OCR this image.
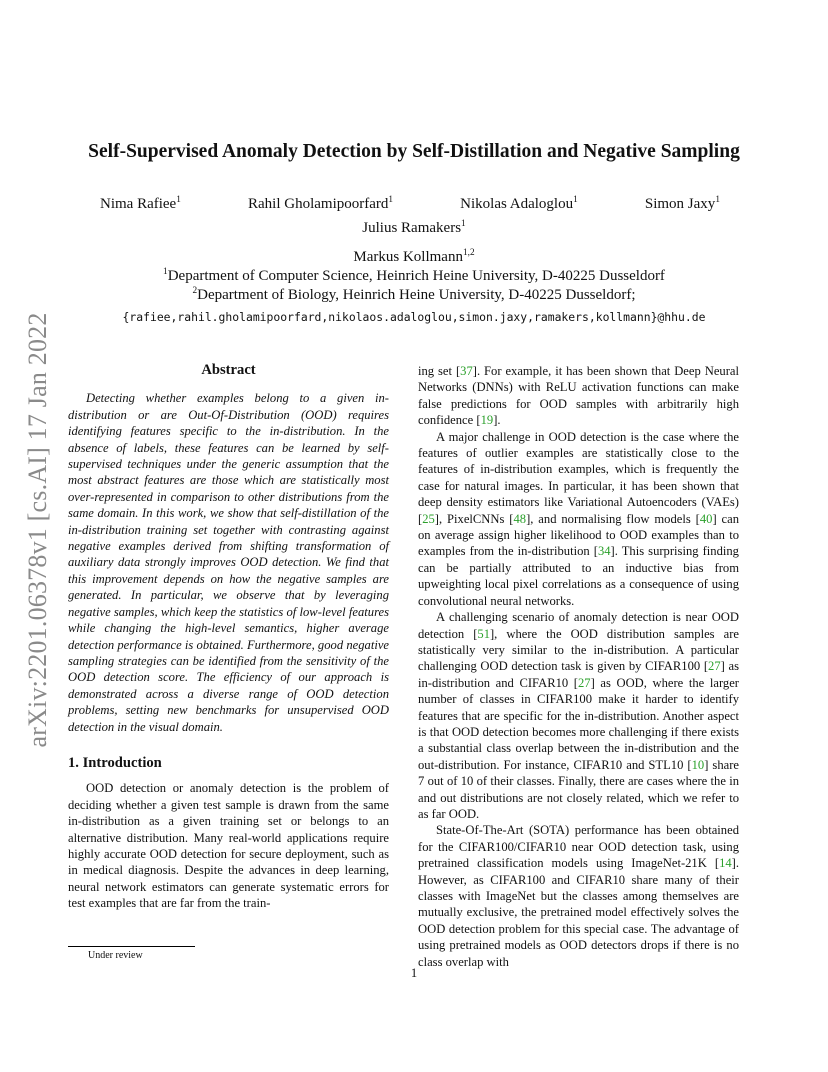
arXiv:2201.06378v1 [cs.AI] 17 Jan 2022
Self-Supervised Anomaly Detection by Self-Distillation and Negative Sampling
Nima Rafiee$^1$	Rahil Gholamipoorfard$^1$	Nikolas Adaloglou$^1$	Simon Jaxy$^1$
Julius Ramakers$^1$
Markus Kollmann$^{1,2}$
$^1$Department of Computer Science, Heinrich Heine University, D-40225 Dusseldorf
$^2$Department of Biology, Heinrich Heine University, D-40225 Dusseldorf;
{rafiee,rahil.gholamipoorfard,nikolaos.adaloglou,simon.jaxy,ramakers,kollmann}@hhu.de
Abstract

Detecting whether examples belong to a given in-distribution or are Out-Of-Distribution (OOD) requires identifying features specific to the in-distribution. In the absence of labels, these features can be learned by self-supervised techniques under the generic assumption that the most abstract features are those which are statistically most over-represented in comparison to other distributions from the same domain. In this work, we show that self-distillation of the in-distribution training set together with contrasting against negative examples derived from shifting transformation of auxiliary data strongly improves OOD detection. We find that this improvement depends on how the negative samples are generated. In particular, we observe that by leveraging negative samples, which keep the statistics of low-level features while changing the high-level semantics, higher average detection performance is obtained. Furthermore, good negative sampling strategies can be identified from the sensitivity of the OOD detection score. The efficiency of our approach is demonstrated across a diverse range of OOD detection problems, setting new benchmarks for unsupervised OOD detection in the visual domain.

1. Introduction

OOD detection or anomaly detection is the problem of deciding whether a given test sample is drawn from the same in-distribution as a given training set or belongs to an alternative distribution. Many real-world applications require highly accurate OOD detection for secure deployment, such as in medical diagnosis. Despite the advances in deep learning, neural network estimators can generate systematic errors for test examples that are far from the train-

ing set [37]. For example, it has been shown that Deep Neural Networks (DNNs) with ReLU activation functions can make false predictions for OOD samples with arbitrarily high confidence [19].

A major challenge in OOD detection is the case where the features of outlier examples are statistically close to the features of in-distribution examples, which is frequently the case for natural images. In particular, it has been shown that deep density estimators like Variational Autoencoders (VAEs) [25], PixelCNNs [48], and normalising flow models [40] can on average assign higher likelihood to OOD examples than to examples from the in-distribution [34]. This surprising finding can be partially attributed to an inductive bias from upweighting local pixel correlations as a consequence of using convolutional neural networks.

A challenging scenario of anomaly detection is near OOD detection [51], where the OOD distribution samples are statistically very similar to the in-distribution. A particular challenging OOD detection task is given by CIFAR100 [27] as in-distribution and CIFAR10 [27] as OOD, where the larger number of classes in CIFAR100 make it harder to identify features that are specific for the in-distribution. Another aspect is that OOD detection becomes more challenging if there exists a substantial class overlap between the in-distribution and the out-distribution. For instance, CIFAR10 and STL10 [10] share 7 out of 10 of their classes. Finally, there are cases where the in and out distributions are not closely related, which we refer to as far OOD.

State-Of-The-Art (SOTA) performance has been obtained for the CIFAR100/CIFAR10 near OOD detection task, using pretrained classification models using ImageNet-21K [14]. However, as CIFAR100 and CIFAR10 share many of their classes with ImageNet but the classes among themselves are mutually exclusive, the pretrained model effectively solves the OOD detection problem for this special case. The advantage of using pretrained models as OOD detectors drops if there is no class overlap with

Under review
1
